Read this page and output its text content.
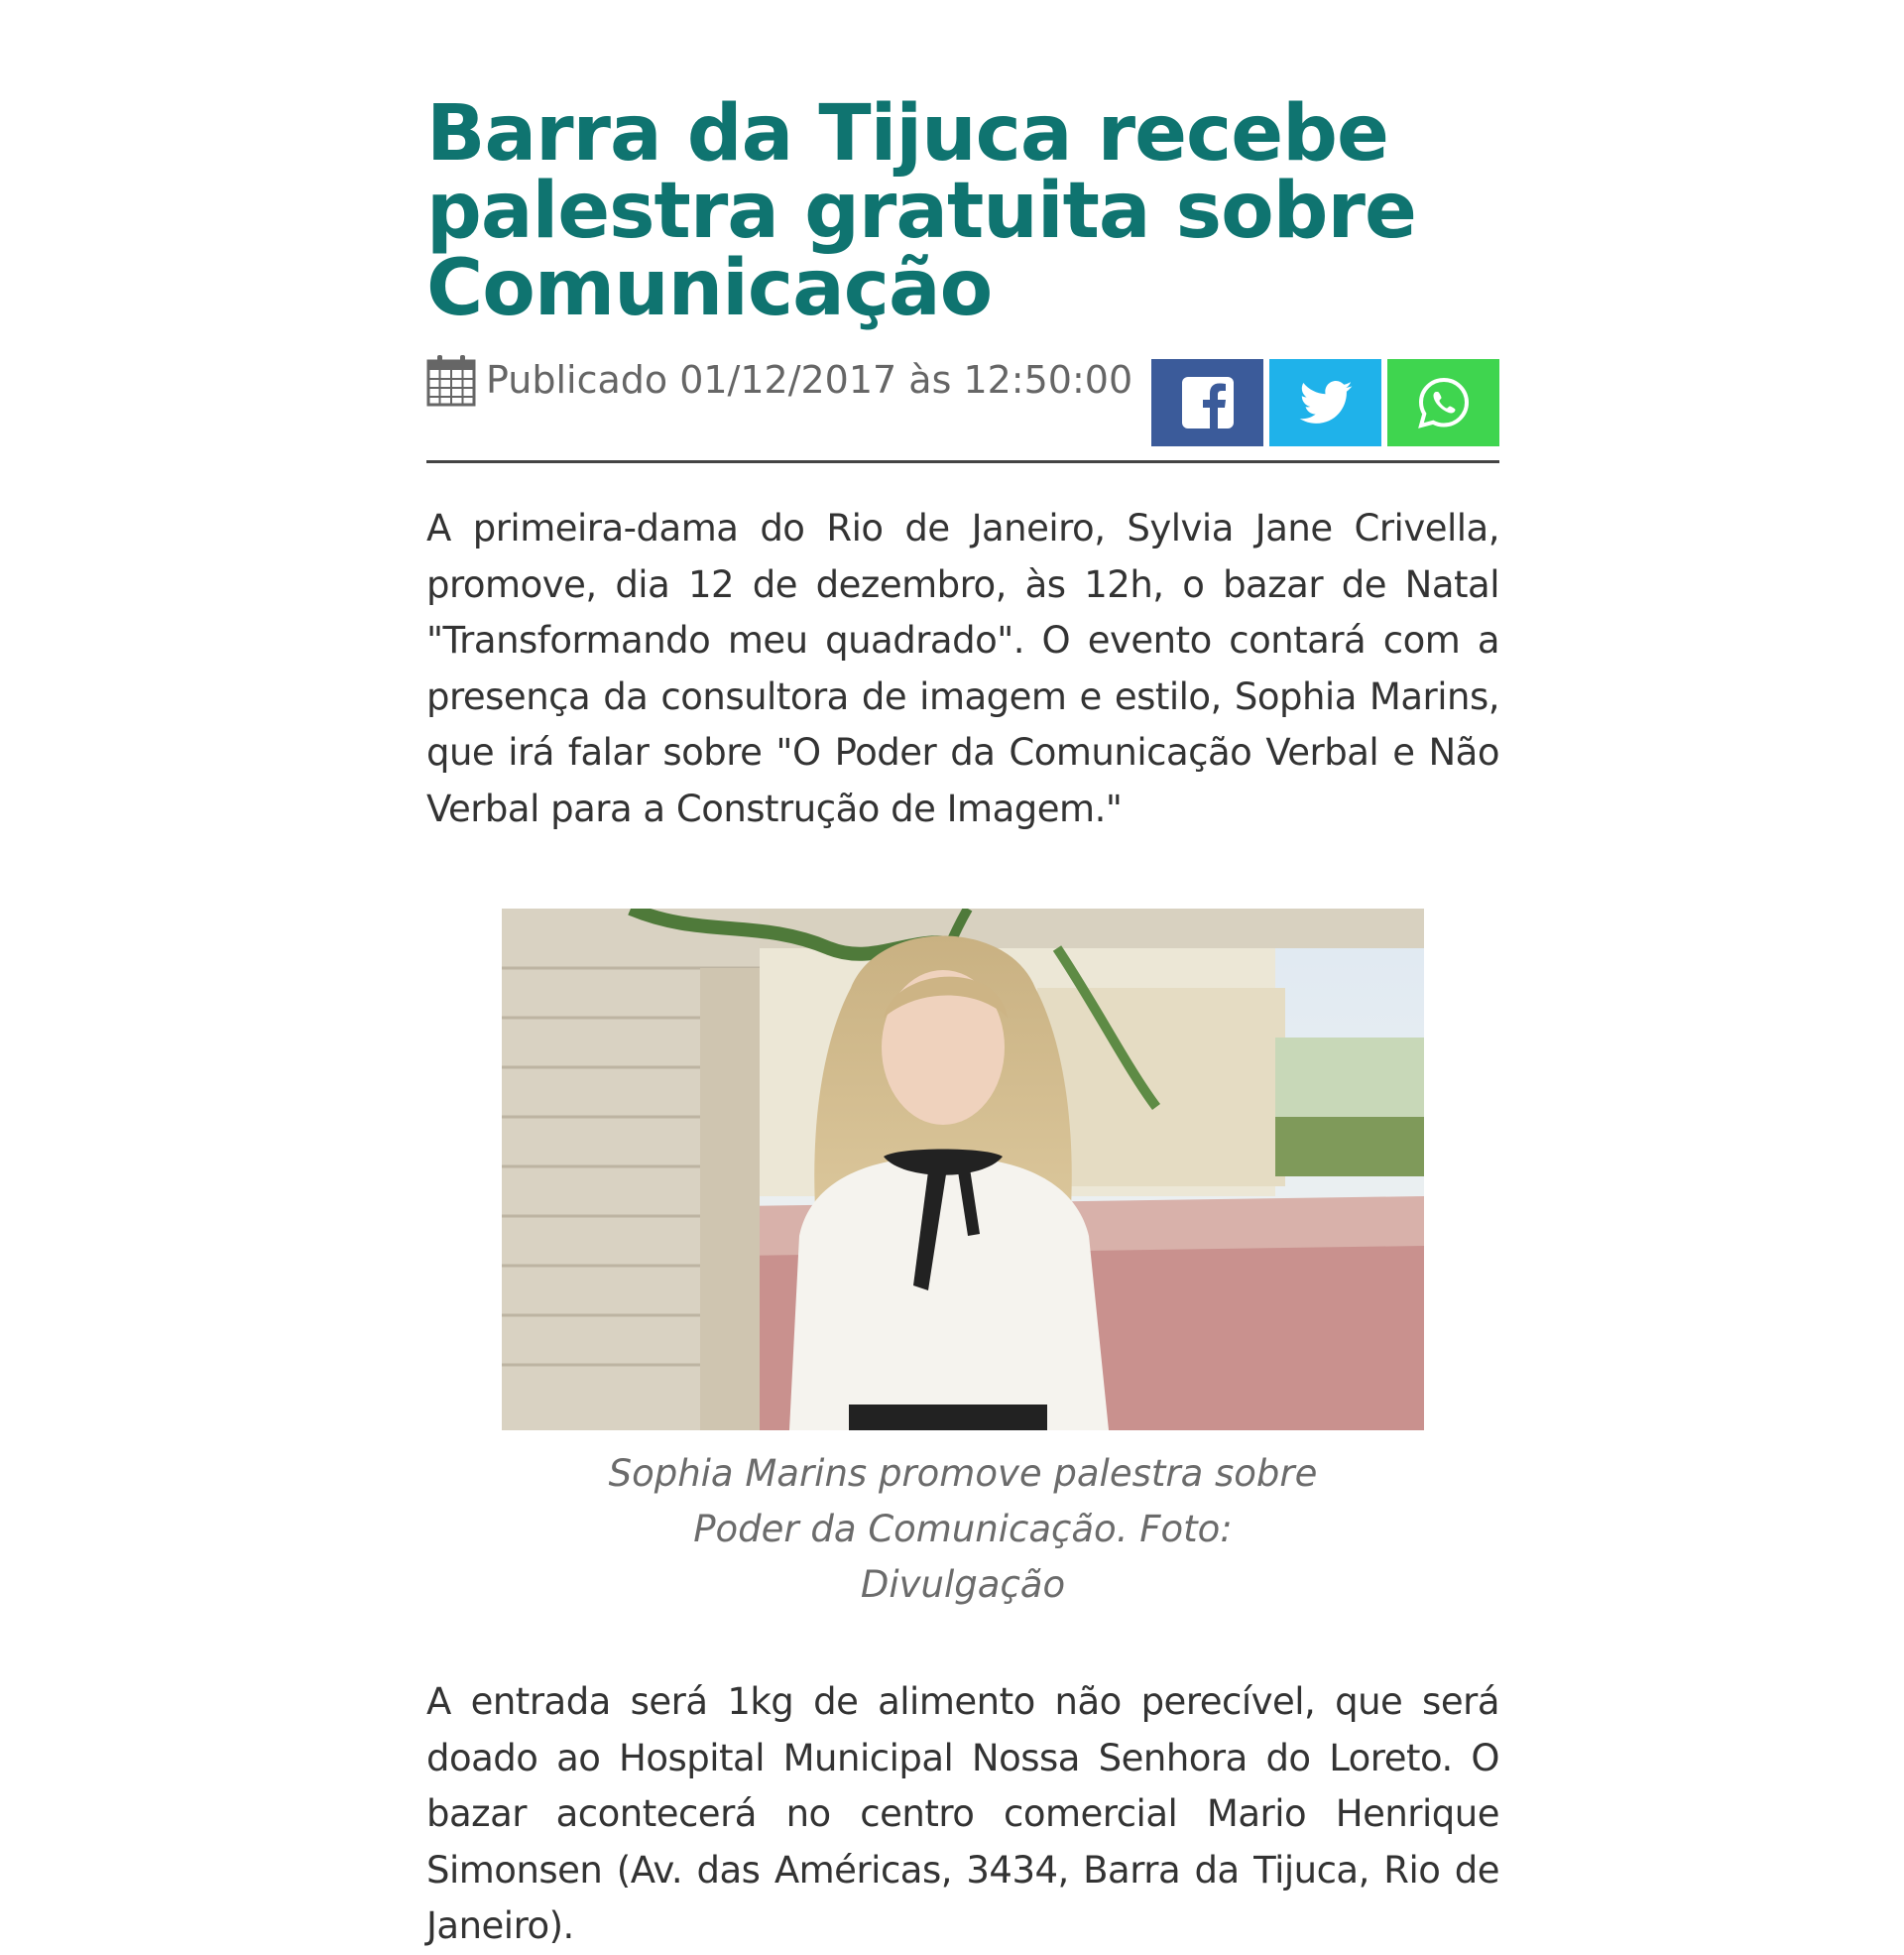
Barra da Tijuca recebe palestra gratuita sobre Comunicação
Publicado 01/12/2017 às 12:50:00

A primeira-dama do Rio de Janeiro, Sylvia Jane Crivella, promove, dia 12 de dezembro, às 12h, o bazar de Natal "Transformando meu quadrado". O evento contará com a presença da consultora de imagem e estilo, Sophia Marins, que irá falar sobre "O Poder da Comunicação Verbal e Não Verbal para a Construção de Imagem."

Sophia Marins promove palestra sobre Poder da Comunicação. Foto: Divulgação

A entrada será 1kg de alimento não perecível, que será doado ao Hospital Municipal Nossa Senhora do Loreto. O bazar acontecerá no centro comercial Mario Henrique Simonsen (Av. das Américas, 3434, Barra da Tijuca, Rio de Janeiro).
